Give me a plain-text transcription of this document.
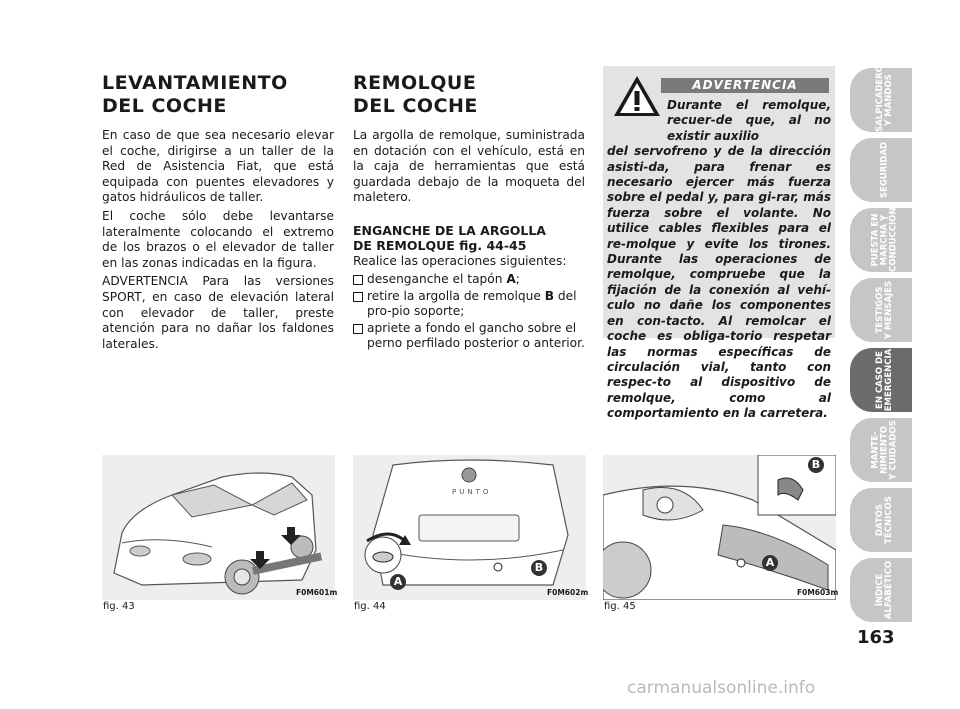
LEVANTAMIENTO
DEL COCHE

En caso de que sea necesario elevar el coche, dirigirse a un taller de la Red de Asistencia Fiat, que está equipada con puentes elevadores y gatos hidráulicos de taller.

El coche sólo debe levantarse lateralmente colocando el extremo de los brazos o el elevador de taller en las zonas indicadas en la figura.

ADVERTENCIA Para las versiones SPORT, en caso de elevación lateral con elevador de taller, preste atención para no dañar los faldones laterales.

REMOLQUE
DEL COCHE

La argolla de remolque, suministrada en dotación con el vehículo, está en la caja de herramientas que está guardada debajo de la moqueta del maletero.

ENGANCHE DE LA ARGOLLA
DE REMOLQUE fig. 44-45

Realice las operaciones siguientes:

desenganche el tapón A;
retire la argolla de remolque B del pro-pio soporte;
apriete a fondo el gancho sobre el perno perfilado posterior o anterior.
ADVERTENCIA
Durante el remolque, recuer-de que, al no existir auxilio
del servofreno y de la dirección asisti-da, para frenar es necesario ejercer más fuerza sobre el pedal y, para gi-rar, más fuerza sobre el volante. No utilice cables flexibles para el re-molque y evite los tirones. Durante las operaciones de remolque, compruebe que la fijación de la conexión al vehí-culo no dañe los componentes en con-tacto. Al remolcar el coche es obliga-torio respetar las normas específicas de circulación vial, tanto con respec-to al dispositivo de remolque, como al comportamiento en la carretera.
SALPICADERO
Y MANDOS
SEGURIDAD
PUESTA EN
MARCHA Y
CONDUCCIÓN
TESTIGOS
Y MENSAJES
EN CASO DE
EMERGENCIA
MANTE-
NIMIENTO
Y CUIDADOS
DATOS
TÉCNICOS
ÍNDICE
ALFABÉTICO
163
fig. 43
F0M601m
A
B
PUNTO
fig. 44
F0M602m
A
B
fig. 45
F0M603m
carmanualsonline.info
